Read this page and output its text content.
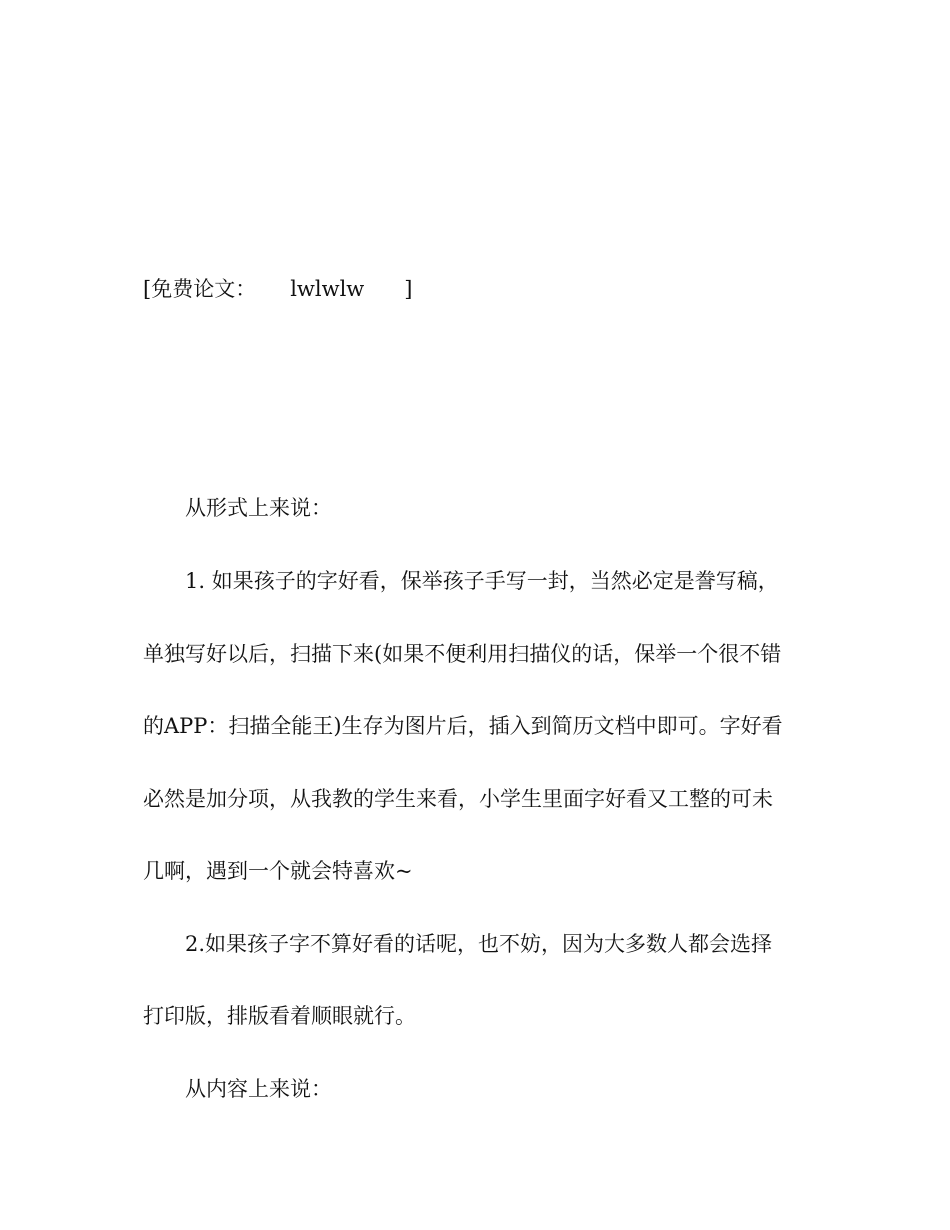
[免费论文： lwlwlw ]
从形式上来说：
1. 如果孩子的字好看，保举孩子手写一封，当然必定是誊写稿，
单独写好以后，扫描下来(如果不便利用扫描仪的话，保举一个很不错
的APP：扫描全能王)生存为图片后，插入到简历文档中即可。字好看
必然是加分项，从我教的学生来看，小学生里面字好看又工整的可未
几啊，遇到一个就会特喜欢~
2.如果孩子字不算好看的话呢，也不妨，因为大多数人都会选择
打印版，排版看着顺眼就行。
从内容上来说：
